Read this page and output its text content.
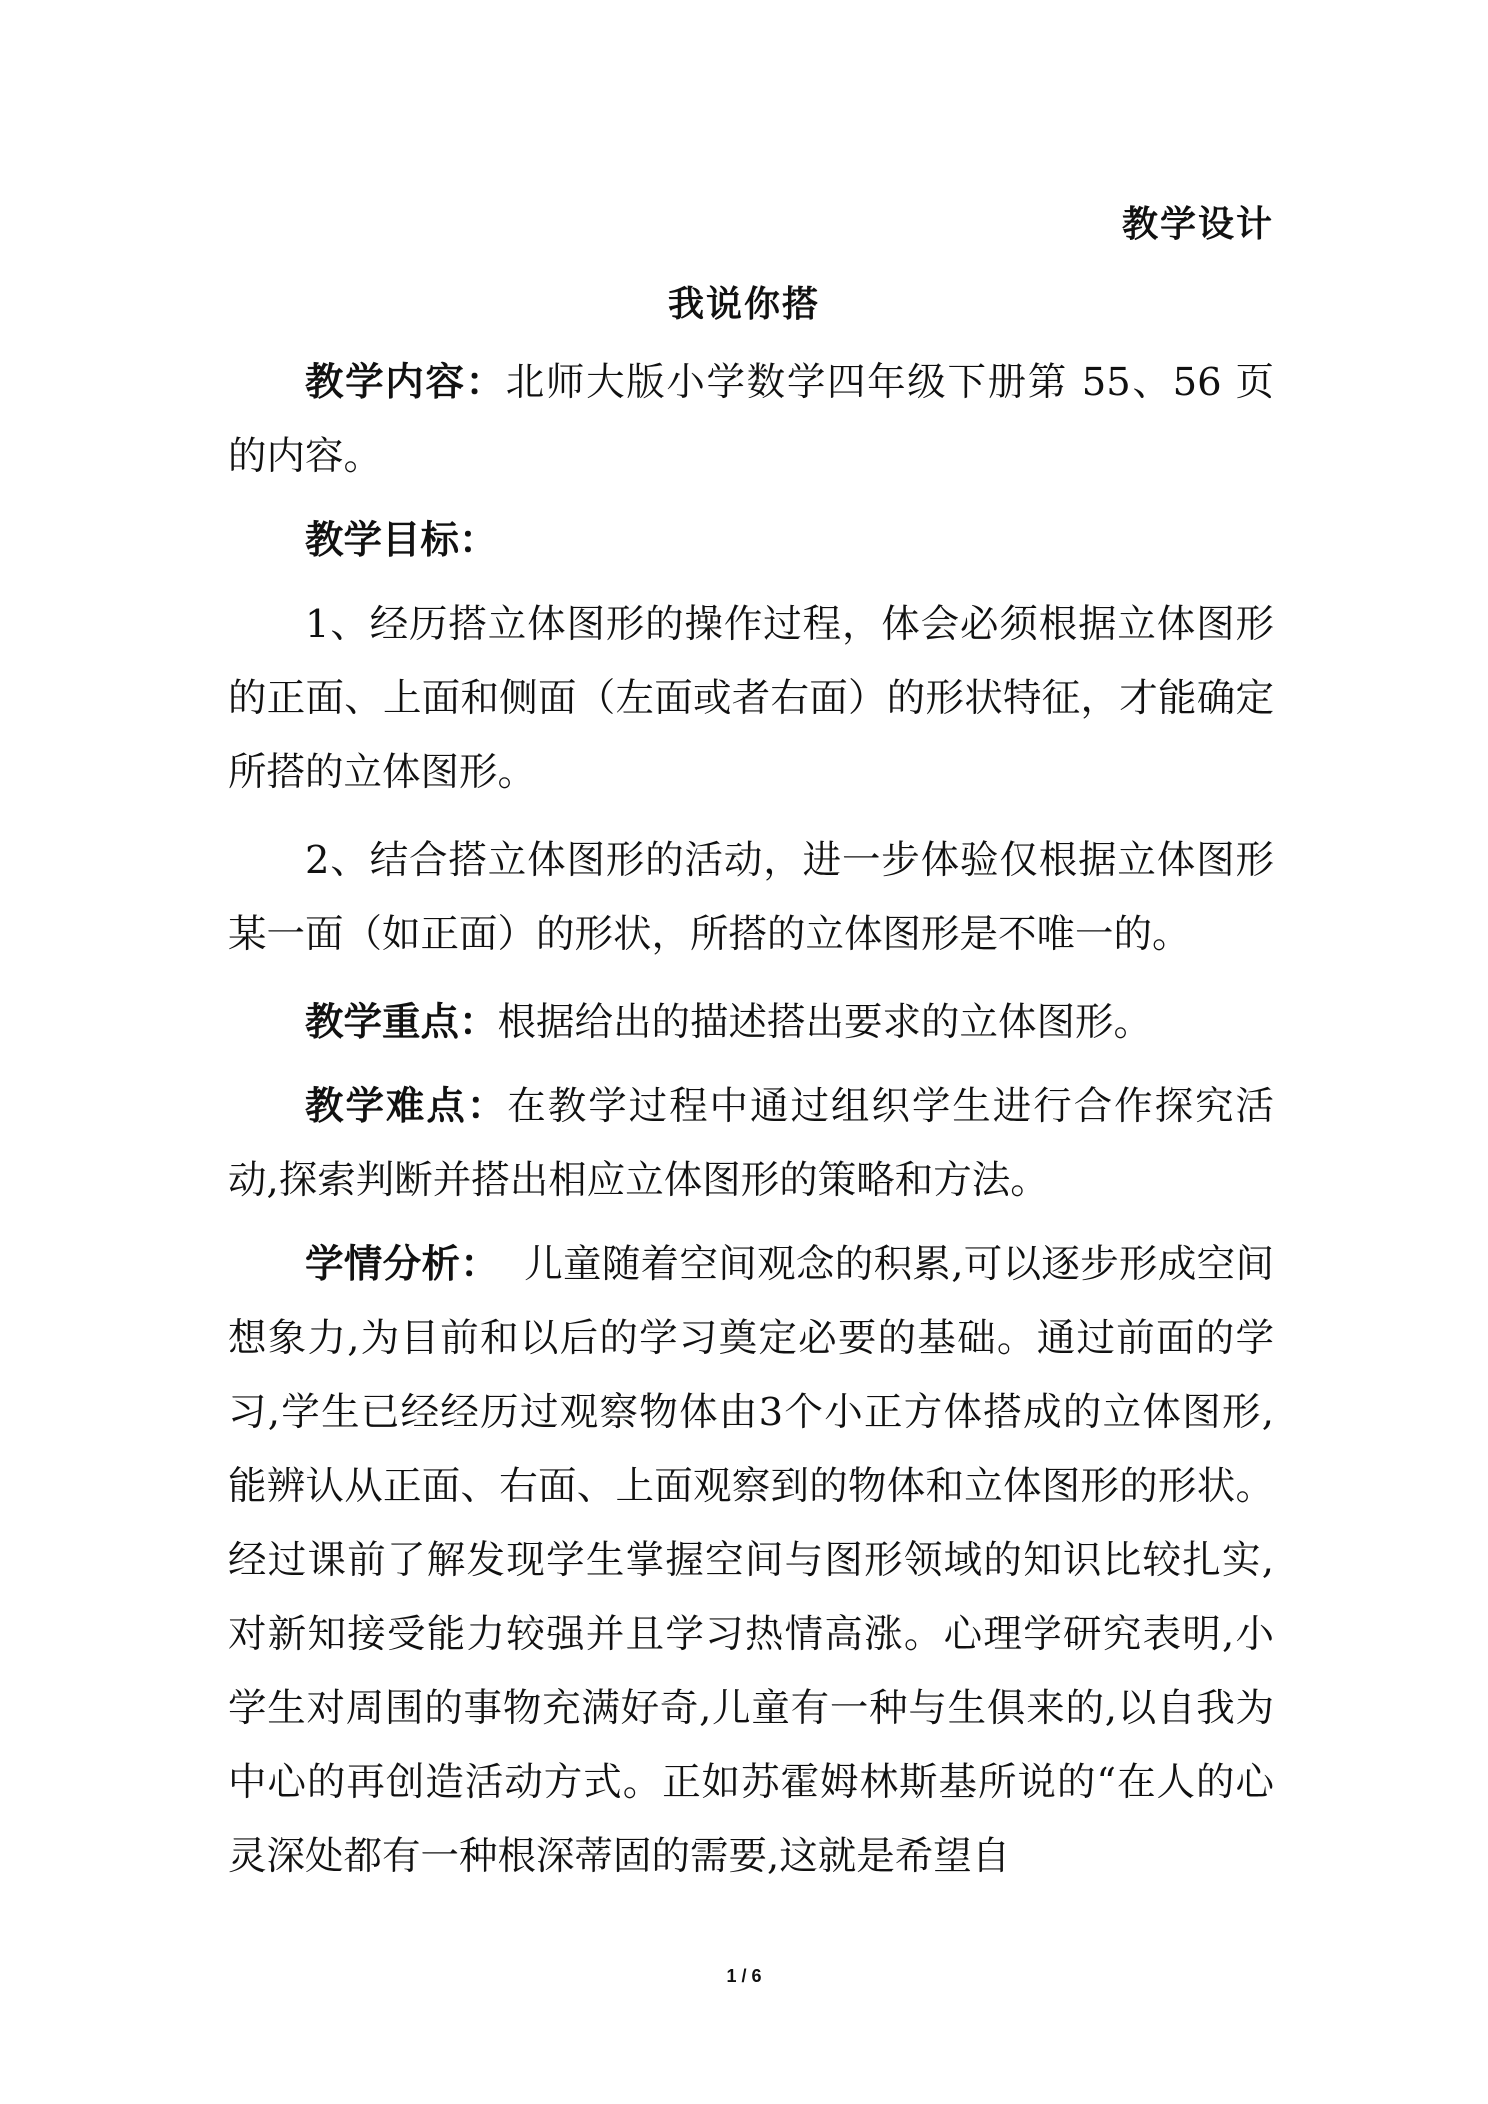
教学设计
我说你搭

教学内容：北师大版小学数学四年级下册第 55、56 页的内容。

教学目标：

1、经历搭立体图形的操作过程，体会必须根据立体图形的正面、上面和侧面（左面或者右面）的形状特征，才能确定所搭的立体图形。

2、结合搭立体图形的活动，进一步体验仅根据立体图形某一面（如正面）的形状，所搭的立体图形是不唯一的。

教学重点：根据给出的描述搭出要求的立体图形。

教学难点：在教学过程中通过组织学生进行合作探究活动,探索判断并搭出相应立体图形的策略和方法。

学情分析：  儿童随着空间观念的积累,可以逐步形成空间想象力,为目前和以后的学习奠定必要的基础。通过前面的学习,学生已经经历过观察物体由3个小正方体搭成的立体图形,能辨认从正面、右面、上面观察到的物体和立体图形的形状。经过课前了解发现学生掌握空间与图形领域的知识比较扎实,对新知接受能力较强并且学习热情高涨。心理学研究表明,小学生对周围的事物充满好奇,儿童有一种与生俱来的,以自我为中心的再创造活动方式。正如苏霍姆林斯基所说的“在人的心灵深处都有一种根深蒂固的需要,这就是希望自

1 / 6
